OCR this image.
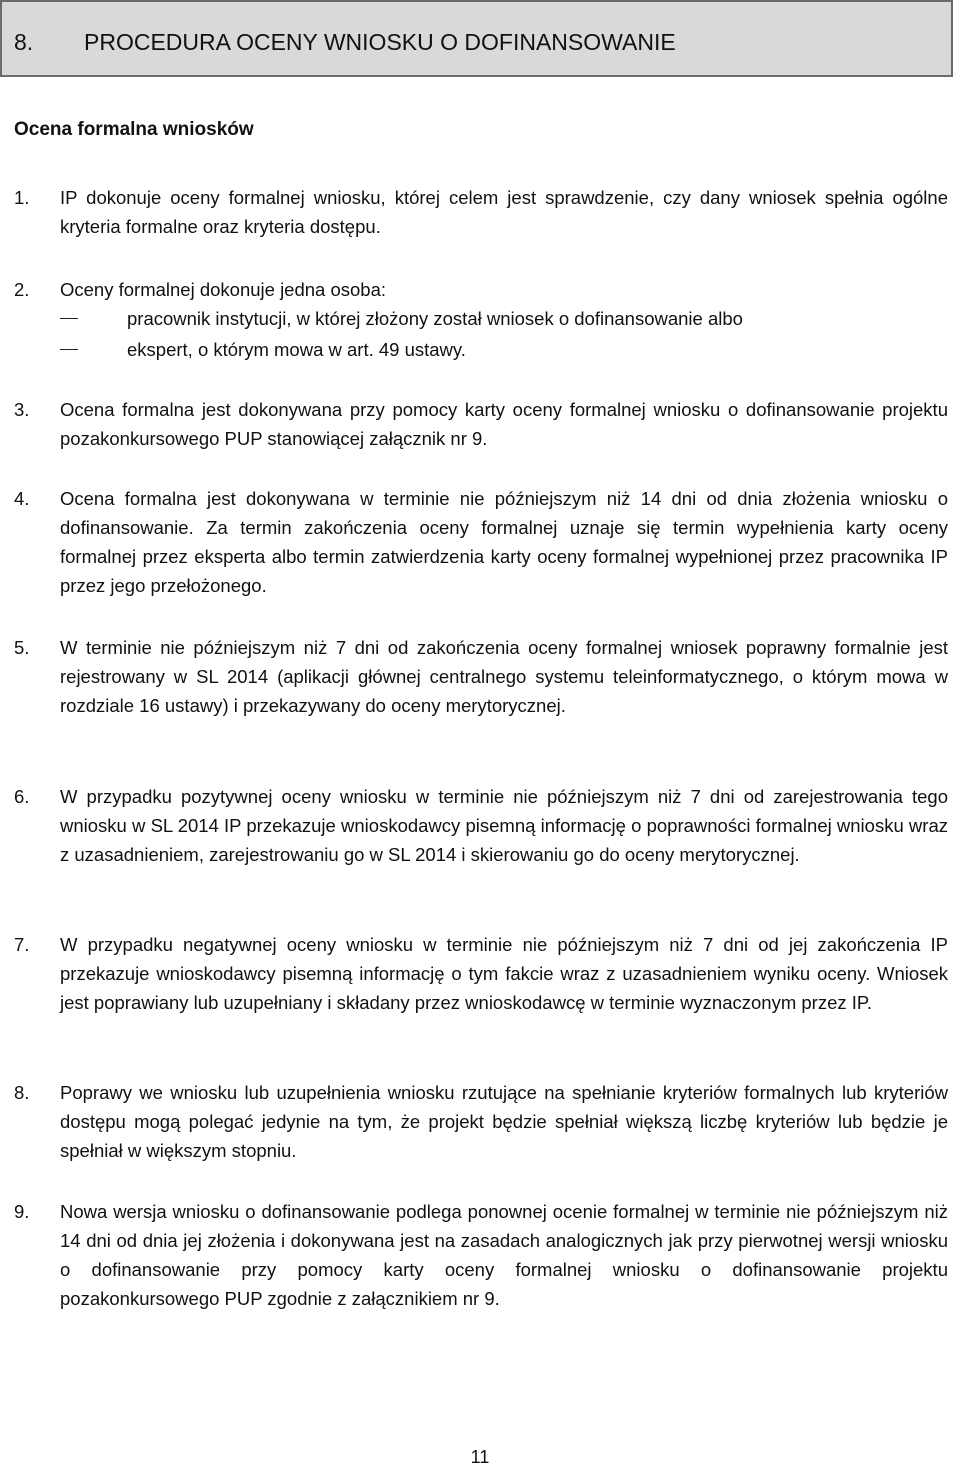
8. PROCEDURA OCENY WNIOSKU O DOFINANSOWANIE
Ocena formalna wniosków
1. IP dokonuje oceny formalnej wniosku, której celem jest sprawdzenie, czy dany wniosek spełnia ogólne kryteria formalne oraz kryteria dostępu.
2. Oceny formalnej dokonuje jedna osoba:
pracownik instytucji, w której złożony został wniosek o dofinansowanie albo
ekspert, o którym mowa w art. 49 ustawy.
3. Ocena formalna jest dokonywana przy pomocy karty oceny formalnej wniosku o dofinansowanie projektu pozakonkursowego PUP stanowiącej załącznik nr 9.
4. Ocena formalna jest dokonywana w terminie nie późniejszym niż 14 dni od dnia złożenia wniosku o dofinansowanie. Za termin zakończenia oceny formalnej uznaje się termin wypełnienia karty oceny formalnej przez eksperta albo termin zatwierdzenia karty oceny formalnej wypełnionej przez pracownika IP przez jego przełożonego.
5. W terminie nie późniejszym niż 7 dni od zakończenia oceny formalnej wniosek poprawny formalnie jest rejestrowany w SL 2014 (aplikacji głównej centralnego systemu teleinformatycznego, o którym mowa w rozdziale 16 ustawy) i przekazywany do oceny merytorycznej.
6. W przypadku pozytywnej oceny wniosku w terminie nie późniejszym niż 7 dni od zarejestrowania tego wniosku w SL 2014 IP przekazuje wnioskodawcy pisemną informację o poprawności formalnej wniosku wraz z uzasadnieniem, zarejestrowaniu go w SL 2014 i skierowaniu go do oceny merytorycznej.
7. W przypadku negatywnej oceny wniosku w terminie nie późniejszym niż 7 dni od jej zakończenia IP przekazuje wnioskodawcy pisemną informację o tym fakcie wraz z uzasadnieniem wyniku oceny. Wniosek jest poprawiany lub uzupełniany i składany przez wnioskodawcę w terminie wyznaczonym przez IP.
8. Poprawy we wniosku lub uzupełnienia wniosku rzutujące na spełnianie kryteriów formalnych lub kryteriów dostępu mogą polegać jedynie na tym, że projekt będzie spełniał większą liczbę kryteriów lub będzie je spełniał w większym stopniu.
9. Nowa wersja wniosku o dofinansowanie podlega ponownej ocenie formalnej w terminie nie późniejszym niż 14 dni od dnia jej złożenia i dokonywana jest na zasadach analogicznych jak przy pierwotnej wersji wniosku o dofinansowanie przy pomocy karty oceny formalnej wniosku o dofinansowanie projektu pozakonkursowego PUP zgodnie z załącznikiem nr 9.
11
